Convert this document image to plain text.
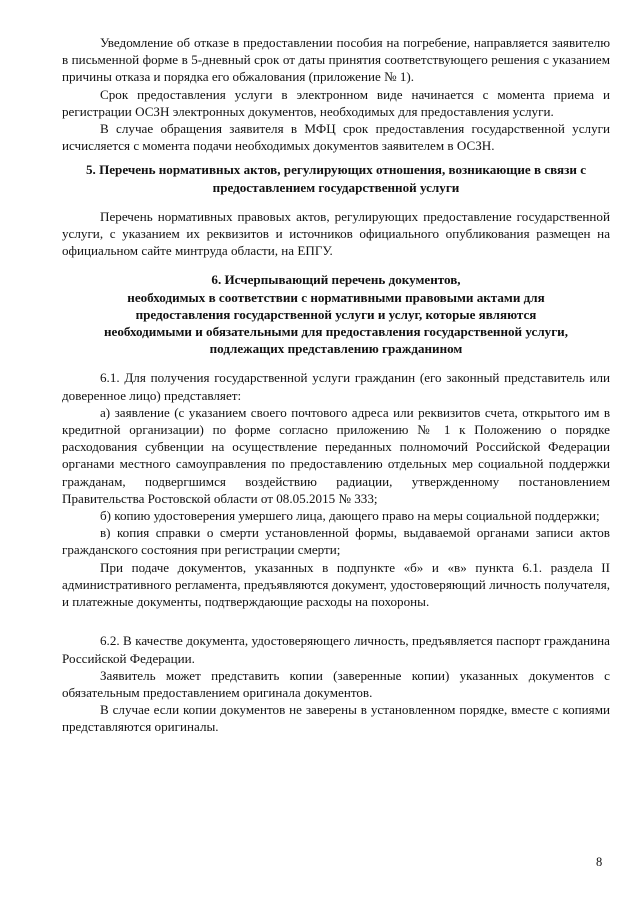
Уведомление об отказе в предоставлении пособия на погребение, направляется заявителю в письменной форме в 5-дневный срок от даты принятия соответствующего решения с указанием причины отказа и порядка его обжалования (приложение № 1).

Срок предоставления услуги в электронном виде начинается с момента приема и регистрации ОСЗН электронных документов, необходимых для предоставления услуги.

В случае обращения заявителя в МФЦ срок предоставления государственной услуги исчисляется с момента подачи необходимых документов заявителем в ОСЗН.

5. Перечень нормативных актов, регулирующих отношения, возникающие в связи с предоставлением государственной услуги

Перечень нормативных правовых актов, регулирующих предоставление государственной услуги, с указанием их реквизитов и источников официального опубликования размещен на официальном сайте минтруда области, на ЕПГУ.

6. Исчерпывающий перечень документов,
необходимых в соответствии с нормативными правовыми актами для
предоставления государственной услуги и услуг, которые являются
необходимыми и обязательными для предоставления государственной услуги,
подлежащих представлению гражданином

6.1. Для получения государственной услуги гражданин (его законный представитель или доверенное лицо) представляет:

а) заявление (с указанием своего почтового адреса или реквизитов счета, открытого им в кредитной организации) по форме согласно приложению № 1 к Положению о порядке расходования субвенции на осуществление переданных полномочий Российской Федерации органами местного самоуправления по предоставлению отдельных мер социальной поддержки гражданам, подвергшимся воздействию радиации, утвержденному постановлением Правительства Ростовской области от 08.05.2015 № 333;

б) копию удостоверения умершего лица, дающего право на меры социальной поддержки;

в) копия справки о смерти установленной формы, выдаваемой органами записи актов гражданского состояния при регистрации смерти;

При подаче документов, указанных в подпункте «б» и «в» пункта 6.1. раздела II административного регламента, предъявляются документ, удостоверяющий личность получателя, и платежные документы, подтверждающие расходы на похороны.

6.2. В качестве документа, удостоверяющего личность, предъявляется паспорт гражданина Российской Федерации.

Заявитель может представить копии (заверенные копии) указанных документов с обязательным предоставлением оригинала документов.

В случае если копии документов не заверены в установленном порядке, вместе с копиями представляются оригиналы.

8
